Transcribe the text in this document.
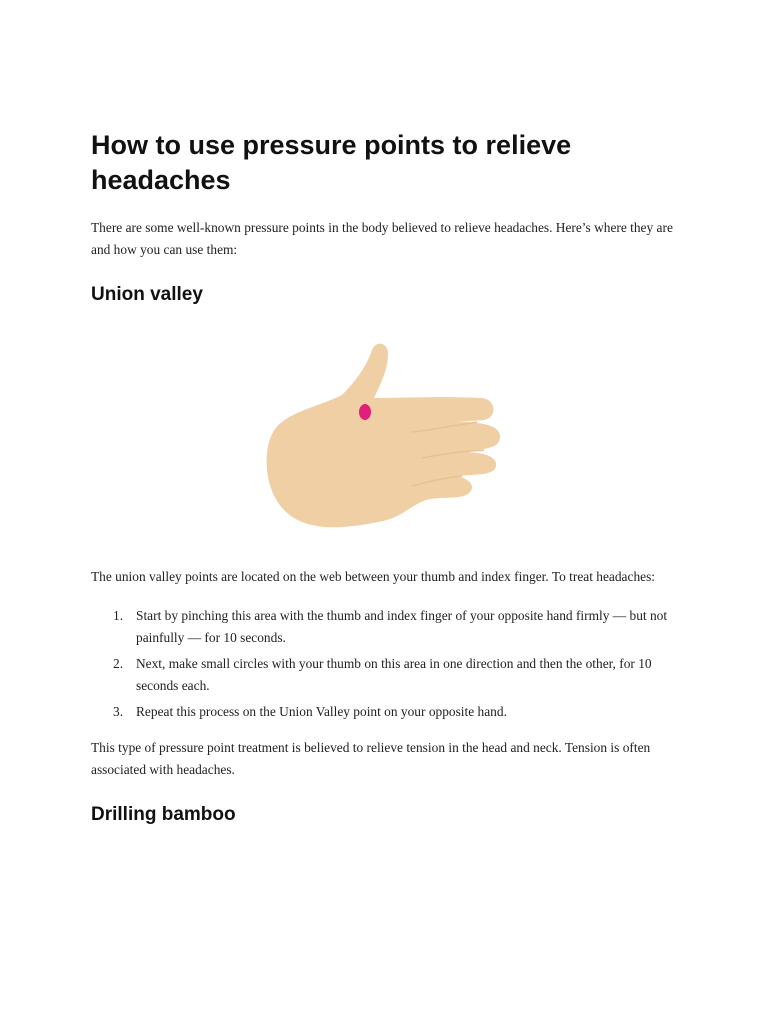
How to use pressure points to relieve headaches

There are some well-known pressure points in the body believed to relieve headaches. Here’s where they are and how you can use them:

Union valley

The union valley points are located on the web between your thumb and index finger. To treat headaches:

1. Start by pinching this area with the thumb and index finger of your opposite hand firmly — but not painfully — for 10 seconds.
2. Next, make small circles with your thumb on this area in one direction and then the other, for 10 seconds each.
3. Repeat this process on the Union Valley point on your opposite hand.

This type of pressure point treatment is believed to relieve tension in the head and neck. Tension is often associated with headaches.

Drilling bamboo
